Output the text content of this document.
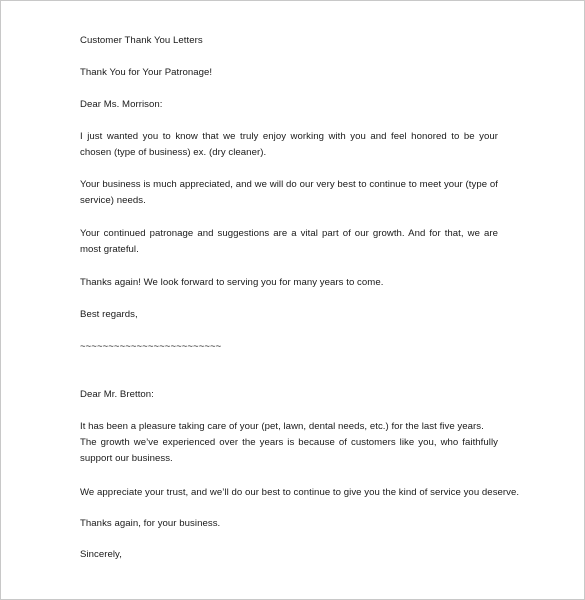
Customer Thank You Letters
Thank You for Your Patronage!
Dear Ms. Morrison:
I just wanted you to know that we truly enjoy working with you and feel honored to be your chosen (type of business) ex. (dry cleaner).
Your business is much appreciated, and we will do our very best to continue to meet your (type of service) needs.
Your continued patronage and suggestions are a vital part of our growth. And for that, we are most grateful.
Thanks again! We look forward to serving you for many years to come.
Best regards,
~~~~~~~~~~~~~~~~~~~~~~~~~
Dear Mr. Bretton:
It has been a pleasure taking care of your (pet, lawn, dental needs, etc.) for the last five years.
The growth we’ve experienced over the years is because of customers like you, who faithfully support our business.
We appreciate your trust, and we’ll do our best to continue to give you the kind of service you deserve.
Thanks again, for your business.
Sincerely,
